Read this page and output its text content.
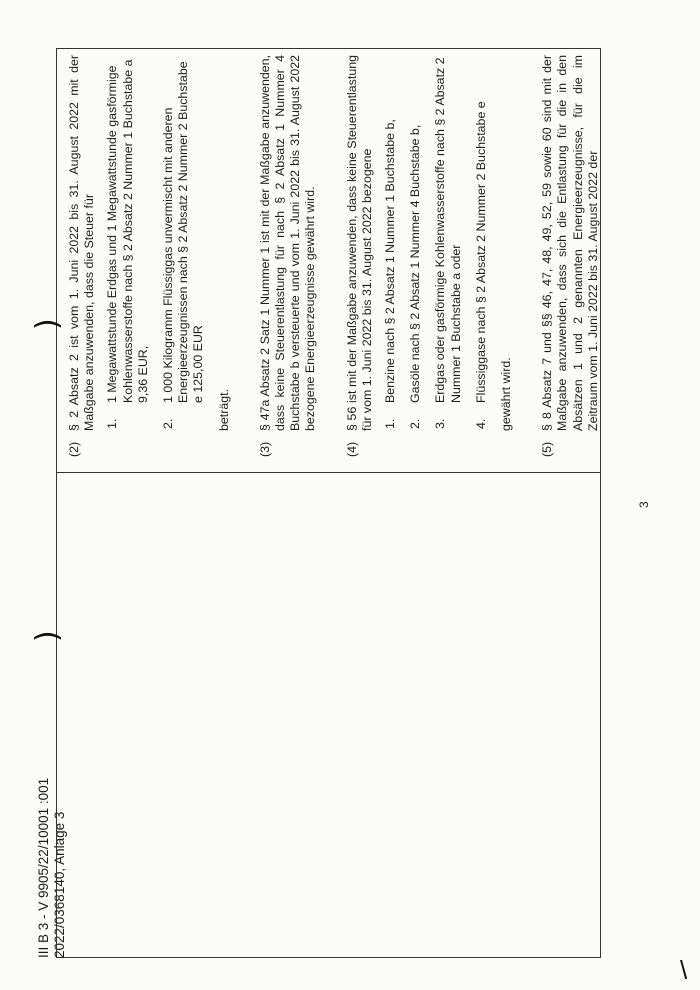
III B 3 - V 9905/22/10001 :001 2022/0368140, Anlage 3
(2)

§ 2 Absatz 2 ist vom 1. Juni 2022 bis 31. August 2022 mit der Maßgabe anzuwenden, dass die Steuer für 1.
1 Megawattstunde Erdgas und 1 Megawattstunde gasförmige Kohlenwasserstoffe nach § 2 Absatz 2 Nummer 1 Buchstabe a 9,36 EUR,
2.
1 000 Kilogramm Flüssiggas unvermischt mit anderen Energieerzeugnissen nach § 2 Absatz 2 Nummer 2 Buchstabe e 125,00 EUR

beträgt.

(3)

§ 47a Absatz 2 Satz 1 Nummer 1 ist mit der Maßgabe anzuwenden, dass keine Steuerentlastung für nach § 2 Absatz 1 Nummer 4 Buchstabe b versteuerte und vom 1. Juni 2022 bis 31. August 2022 bezogene Energieerzeugnisse gewährt wird.

(4)

§ 56 ist mit der Maßgabe anzuwenden, dass keine Steuerentlastung für vom 1. Juni 2022 bis 31. August 2022 bezogene 1.
Benzine nach § 2 Absatz 1 Nummer 1 Buchstabe b,
2.
Gasöle nach § 2 Absatz 1 Nummer 4 Buchstabe b,
3.
Erdgas oder gasförmige Kohlenwasserstoffe nach § 2 Absatz 2 Nummer 1 Buchstabe a oder
4.
Flüssiggase nach § 2 Absatz 2 Nummer 2 Buchstabe e gewährt wird.

(5)

§ 8 Absatz 7 und §§ 46, 47, 48, 49, 52, 59 sowie 60 sind mit der Maßgabe anzuwenden, dass sich die Entlastung für die in den Absätzen 1 und 2 genannten Energieerzeugnisse, für die im Zeitraum vom 1. Juni 2022 bis 31. August 2022 der

)
)
3
\
